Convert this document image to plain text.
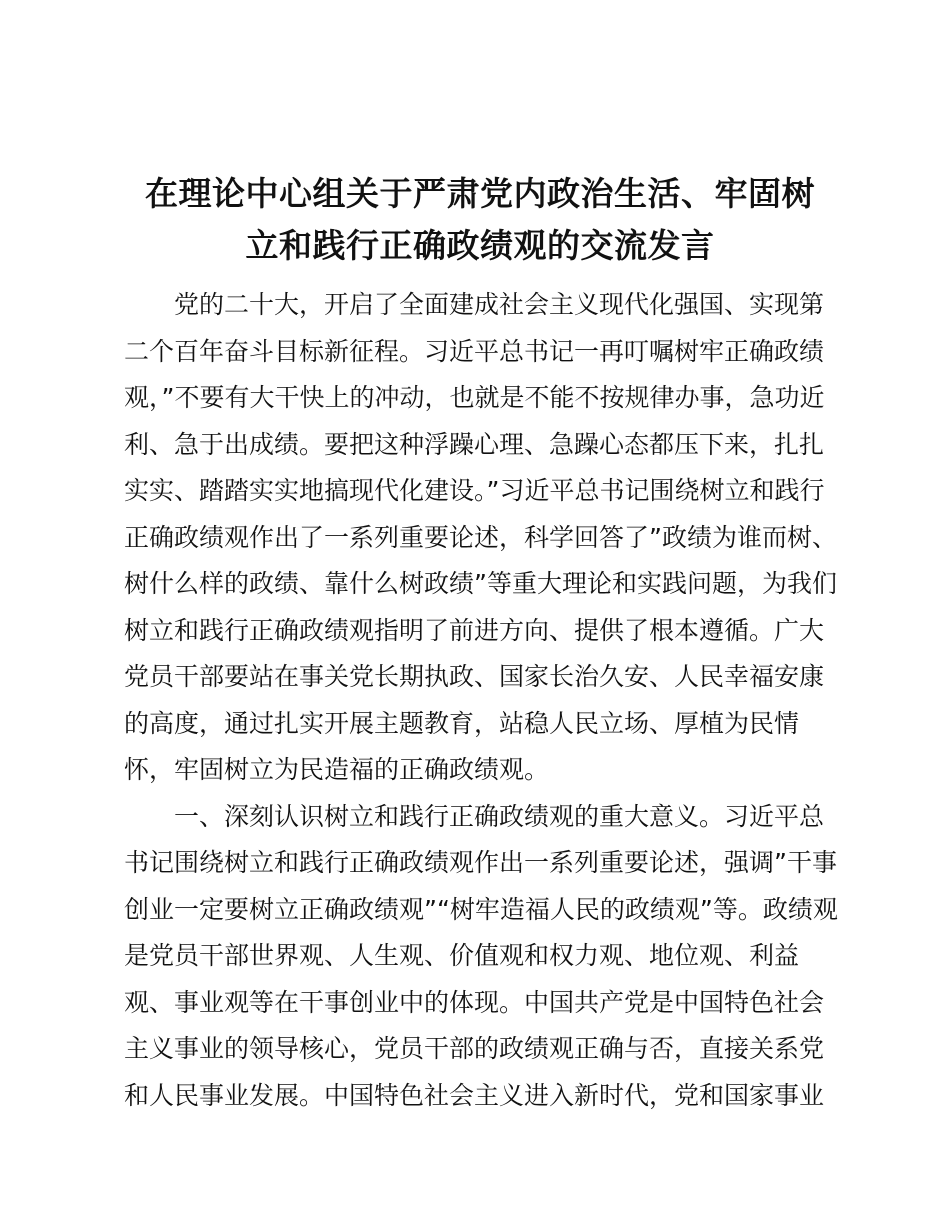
在理论中心组关于严肃党内政治生活、牢固树
立和践行正确政绩观的交流发言
党的二十大，开启了全面建成社会主义现代化强国、实现第
二个百年奋斗目标新征程。习近平总书记一再叮嘱树牢正确政绩
观，”不要有大干快上的冲动，也就是不能不按规律办事，急功近
利、急于出成绩。要把这种浮躁心理、急躁心态都压下来，扎扎
实实、踏踏实实地搞现代化建设。”习近平总书记围绕树立和践行
正确政绩观作出了一系列重要论述，科学回答了”政绩为谁而树、
树什么样的政绩、靠什么树政绩”等重大理论和实践问题，为我们
树立和践行正确政绩观指明了前进方向、提供了根本遵循。广大
党员干部要站在事关党长期执政、国家长治久安、人民幸福安康
的高度，通过扎实开展主题教育，站稳人民立场、厚植为民情
怀，牢固树立为民造福的正确政绩观。
一、深刻认识树立和践行正确政绩观的重大意义。习近平总
书记围绕树立和践行正确政绩观作出一系列重要论述，强调”干事
创业一定要树立正确政绩观”“树牢造福人民的政绩观”等。政绩观
是党员干部世界观、人生观、价值观和权力观、地位观、利益
观、事业观等在干事创业中的体现。中国共产党是中国特色社会
主义事业的领导核心，党员干部的政绩观正确与否，直接关系党
和人民事业发展。中国特色社会主义进入新时代，党和国家事业
